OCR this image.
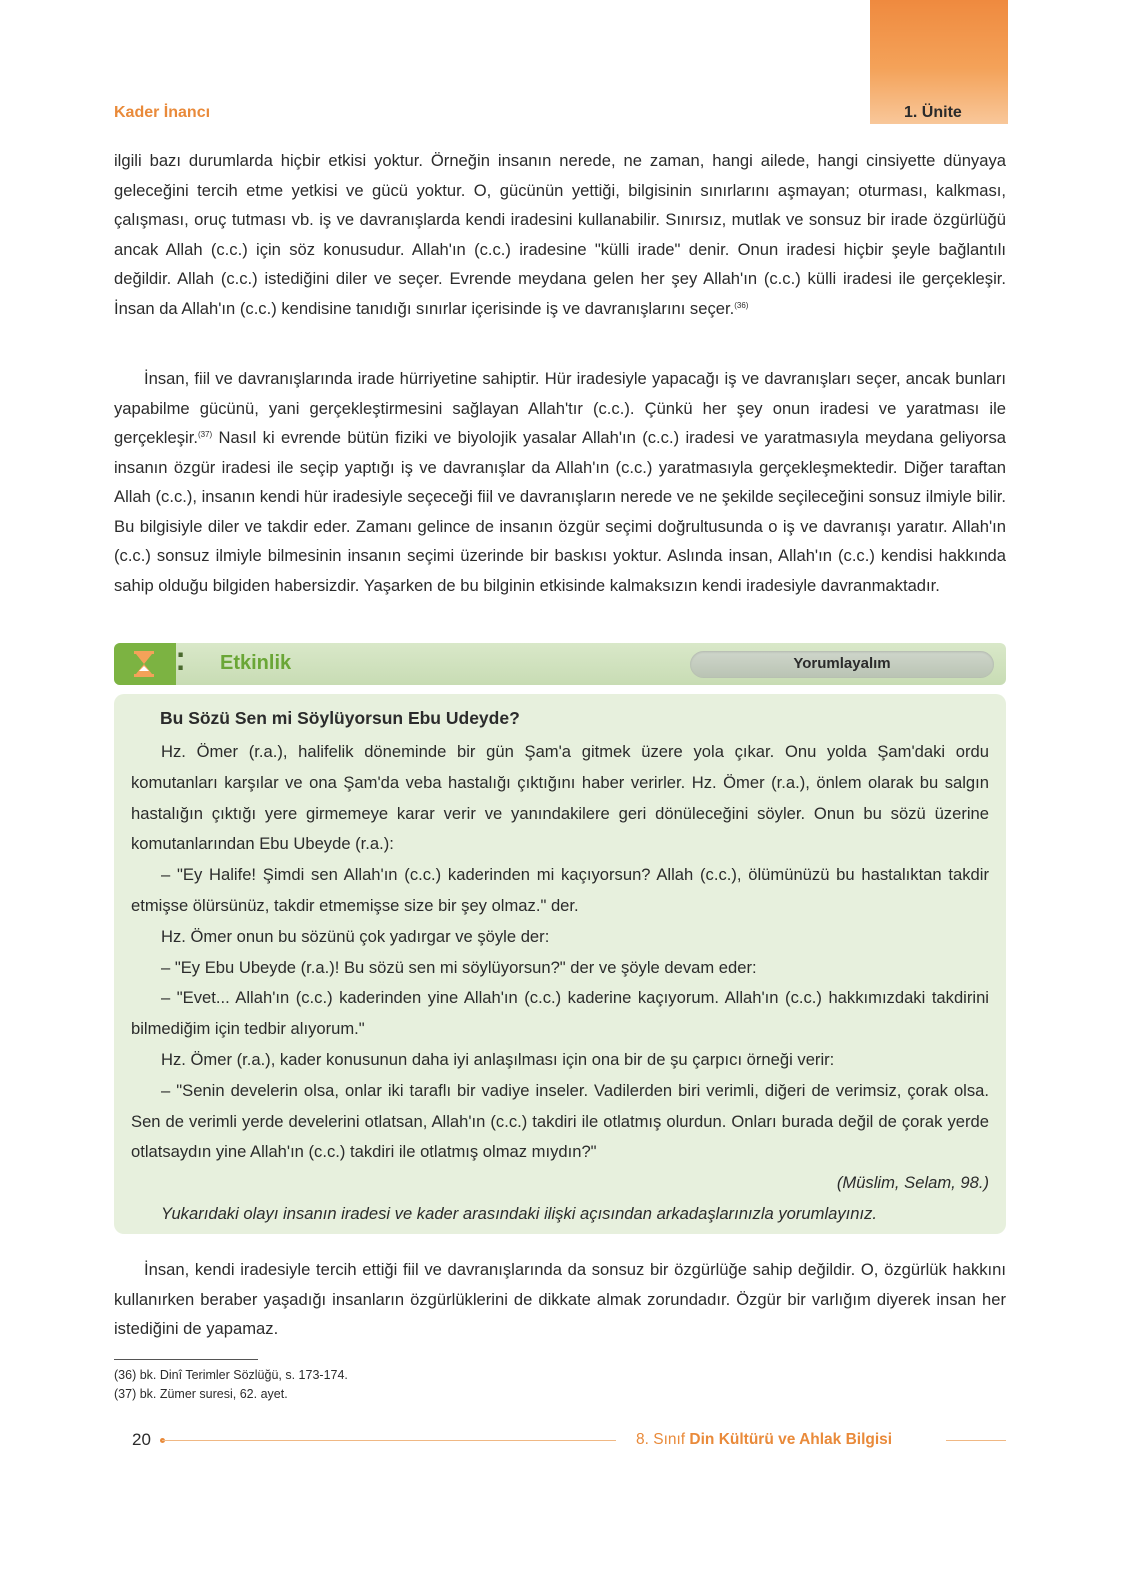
Kader İnancı	1. Ünite

ilgili bazı durumlarda hiçbir etkisi yoktur. Örneğin insanın nerede, ne zaman, hangi ailede, hangi cinsiyette dünyaya geleceğini tercih etme yetkisi ve gücü yoktur. O, gücünün yettiği, bilgisinin sınırlarını aşmayan; oturması, kalkması, çalışması, oruç tutması vb. iş ve davranışlarda kendi iradesini kullanabilir. Sınırsız, mutlak ve sonsuz bir irade özgürlüğü ancak Allah (c.c.) için söz konusudur. Allah'ın (c.c.) iradesine "külli irade" denir. Onun iradesi hiçbir şeyle bağlantılı değildir. Allah (c.c.) istediğini diler ve seçer. Evrende meydana gelen her şey Allah'ın (c.c.) külli iradesi ile gerçekleşir. İnsan da Allah'ın (c.c.) kendisine tanıdığı sınırlar içerisinde iş ve davranışlarını seçer.$^{(36)}$

İnsan, fiil ve davranışlarında irade hürriyetine sahiptir. Hür iradesiyle yapacağı iş ve davranışları seçer, ancak bunları yapabilme gücünü, yani gerçekleştirmesini sağlayan Allah'tır (c.c.). Çünkü her şey onun iradesi ve yaratması ile gerçekleşir.$^{(37)}$ Nasıl ki evrende bütün fiziki ve biyolojik yasalar Allah'ın (c.c.) iradesi ve yaratmasıyla meydana geliyorsa insanın özgür iradesi ile seçip yaptığı iş ve davranışlar da Allah'ın (c.c.) yaratmasıyla gerçekleşmektedir. Diğer taraftan Allah (c.c.), insanın kendi hür iradesiyle seçeceği fiil ve davranışların nerede ve ne şekilde seçileceğini sonsuz ilmiyle bilir. Bu bilgisiyle diler ve takdir eder. Zamanı gelince de insanın özgür seçimi doğrultusunda o iş ve davranışı yaratır. Allah'ın (c.c.) sonsuz ilmiyle bilmesinin insanın seçimi üzerinde bir baskısı yoktur. Aslında insan, Allah'ın (c.c.) kendisi hakkında sahip olduğu bilgiden habersizdir. Yaşarken de bu bilginin etkisinde kalmaksızın kendi iradesiyle davranmaktadır.

⁚ Etkinlik	Yorumlayalım
Bu Sözü Sen mi Söylüyorsun Ebu Udeyde?

Hz. Ömer (r.a.), halifelik döneminde bir gün Şam'a gitmek üzere yola çıkar. Onu yolda Şam'daki ordu komutanları karşılar ve ona Şam'da veba hastalığı çıktığını haber verirler. Hz. Ömer (r.a.), önlem olarak bu salgın hastalığın çıktığı yere girmemeye karar verir ve yanındakilere geri dönüleceğini söyler. Onun bu sözü üzerine komutanlarından Ebu Ubeyde (r.a.):

– "Ey Halife! Şimdi sen Allah'ın (c.c.) kaderinden mi kaçıyorsun? Allah (c.c.), ölümünüzü bu hastalıktan takdir etmişse ölürsünüz, takdir etmemişse size bir şey olmaz." der.

Hz. Ömer onun bu sözünü çok yadırgar ve şöyle der:

– "Ey Ebu Ubeyde (r.a.)! Bu sözü sen mi söylüyorsun?" der ve şöyle devam eder:

– "Evet... Allah'ın (c.c.) kaderinden yine Allah'ın (c.c.) kaderine kaçıyorum. Allah'ın (c.c.) hakkımızdaki takdirini bilmediğim için tedbir alıyorum."

Hz. Ömer (r.a.), kader konusunun daha iyi anlaşılması için ona bir de şu çarpıcı örneği verir:

– "Senin develerin olsa, onlar iki taraflı bir vadiye inseler. Vadilerden biri verimli, diğeri de verimsiz, çorak olsa. Sen de verimli yerde develerini otlatsan, Allah'ın (c.c.) takdiri ile otlatmış olurdun. Onları burada değil de çorak yerde otlatsaydın yine Allah'ın (c.c.) takdiri ile otlatmış olmaz mıydın?"

(Müslim, Selam, 98.)

Yukarıdaki olayı insanın iradesi ve kader arasındaki ilişki açısından arkadaşlarınızla yorumlayınız.

İnsan, kendi iradesiyle tercih ettiği fiil ve davranışlarında da sonsuz bir özgürlüğe sahip değildir. O, özgürlük hakkını kullanırken beraber yaşadığı insanların özgürlüklerini de dikkate almak zorundadır. Özgür bir varlığım diyerek insan her istediğini de yapamaz.

(36) bk. Dinî Terimler Sözlüğü, s. 173-174.
(37) bk. Zümer suresi, 62. ayet.
20	8. Sınıf Din Kültürü ve Ahlak Bilgisi
